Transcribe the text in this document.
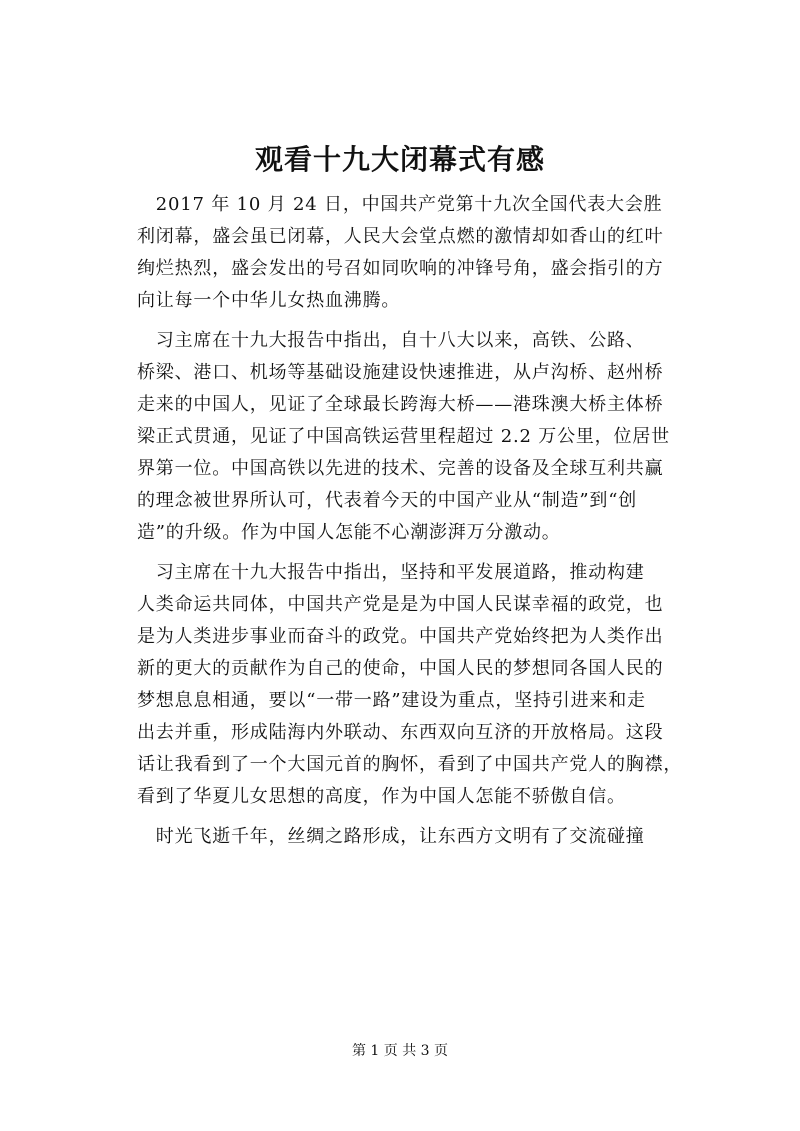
观看十九大闭幕式有感
　2017 年 10 月 24 日，中国共产党第十九次全国代表大会胜
利闭幕，盛会虽已闭幕，人民大会堂点燃的激情却如香山的红叶
绚烂热烈，盛会发出的号召如同吹响的冲锋号角，盛会指引的方
向让每一个中华儿女热血沸腾。
　习主席在十九大报告中指出，自十八大以来，高铁、公路、
桥梁、港口、机场等基础设施建设快速推进，从卢沟桥、赵州桥
走来的中国人，见证了全球最长跨海大桥——港珠澳大桥主体桥
梁正式贯通，见证了中国高铁运营里程超过 2.2 万公里，位居世
界第一位。中国高铁以先进的技术、完善的设备及全球互利共赢
的理念被世界所认可，代表着今天的中国产业从“制造”到“创
造”的升级。作为中国人怎能不心潮澎湃万分激动。
　习主席在十九大报告中指出，坚持和平发展道路，推动构建
人类命运共同体，中国共产党是是为中国人民谋幸福的政党，也
是为人类进步事业而奋斗的政党。中国共产党始终把为人类作出
新的更大的贡献作为自己的使命，中国人民的梦想同各国人民的
梦想息息相通，要以“一带一路”建设为重点，坚持引进来和走
出去并重，形成陆海内外联动、东西双向互济的开放格局。这段
话让我看到了一个大国元首的胸怀，看到了中国共产党人的胸襟，
看到了华夏儿女思想的高度，作为中国人怎能不骄傲自信。
　时光飞逝千年，丝绸之路形成，让东西方文明有了交流碰撞
第 1 页 共 3 页
